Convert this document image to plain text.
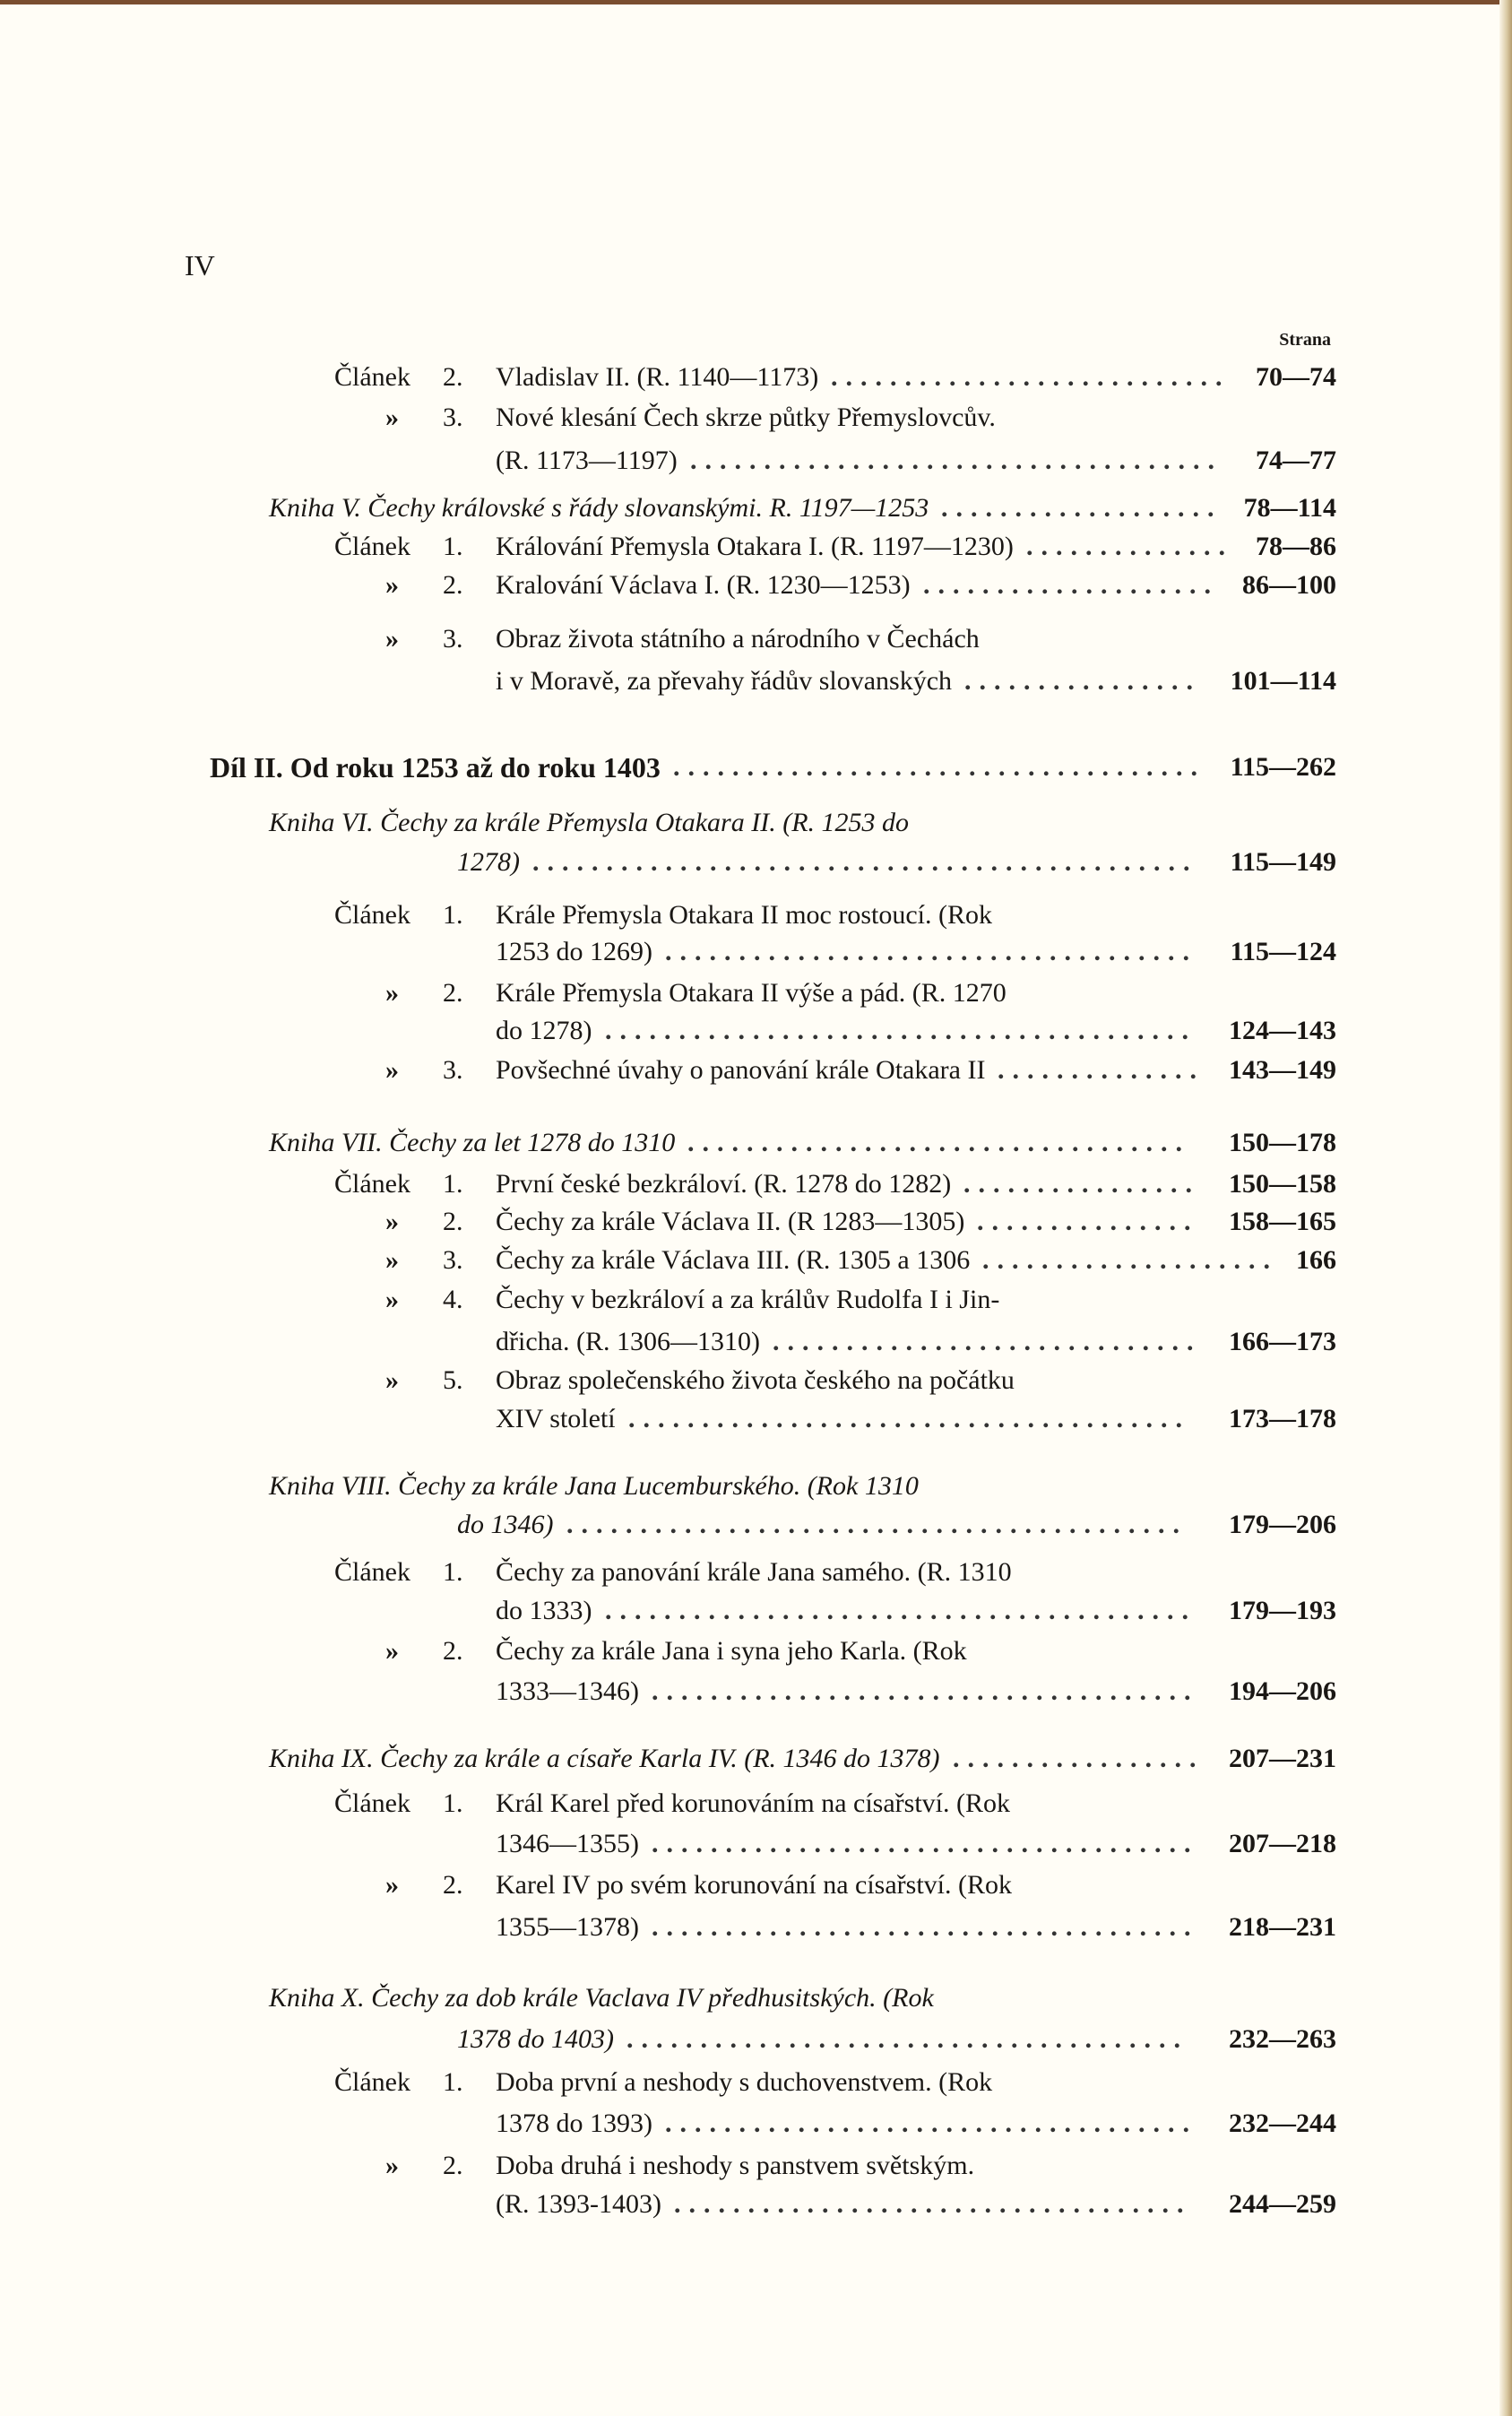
IV
Strana
Článek 2. Vladislav II. (R. 1140—1173)	70—74
...........................
» 3. Nové klesání Čech skrze půtky Přemyslovcův.
(R. 1173—1197)	74—77
....................................
Kniha V. Čechy královské s řády slovanskými. R. 1197—1253	78—114
...................
Článek 1. Králování Přemysla Otakara I. (R. 1197—1230)	78—86
..............
» 2. Kralování Václava I. (R. 1230—1253)	86—100
....................
» 3. Obraz života státního a národního v Čechách
i v Moravě, za převahy řádův slovanských	101—114
................
Díl II. Od roku 1253 až do roku 1403	115—262
....................................
Kniha VI. Čechy za krále Přemysla Otakara II. (R. 1253 do
1278)	115—149
.............................................
Článek 1. Krále Přemysla Otakara II moc rostoucí. (Rok
1253 do 1269)	115—124
....................................
» 2. Krále Přemysla Otakara II výše a pád. (R. 1270
do 1278)	124—143
........................................
» 3. Povšechné úvahy o panování krále Otakara II	143—149
..............
Kniha VII. Čechy za let 1278 do 1310	150—178
..................................
Článek 1. První české bezkráloví. (R. 1278 do 1282)	150—158
................
» 2. Čechy za krále Václava II. (R 1283—1305)	158—165
...............
» 3. Čechy za krále Václava III. (R. 1305 a 1306	166
....................
» 4. Čechy v bezkráloví a za králův Rudolfa I i Jin-
dřicha. (R. 1306—1310)	166—173
.............................
» 5. Obraz společenského života českého na počátku
XIV století	173—178
......................................
Kniha VIII. Čechy za krále Jana Lucemburského. (Rok 1310
do 1346)	179—206
..........................................
Článek 1. Čechy za panování krále Jana samého. (R. 1310
do 1333)	179—193
........................................
» 2. Čechy za krále Jana i syna jeho Karla. (Rok
1333—1346)	194—206
.....................................
Kniha IX. Čechy za krále a císaře Karla IV. (R. 1346 do 1378)	207—231
.................
Článek 1. Král Karel před korunováním na císařství. (Rok
1346—1355)	207—218
.....................................
» 2. Karel IV po svém korunování na císařství. (Rok
1355—1378)	218—231
.....................................
Kniha X. Čechy za dob krále Vaclava IV předhusitských. (Rok
1378 do 1403)	232—263
......................................
Článek 1. Doba první a neshody s duchovenstvem. (Rok
1378 do 1393)	232—244
....................................
» 2. Doba druhá i neshody s panstvem světským.
(R. 1393-1403)	244—259
...................................
